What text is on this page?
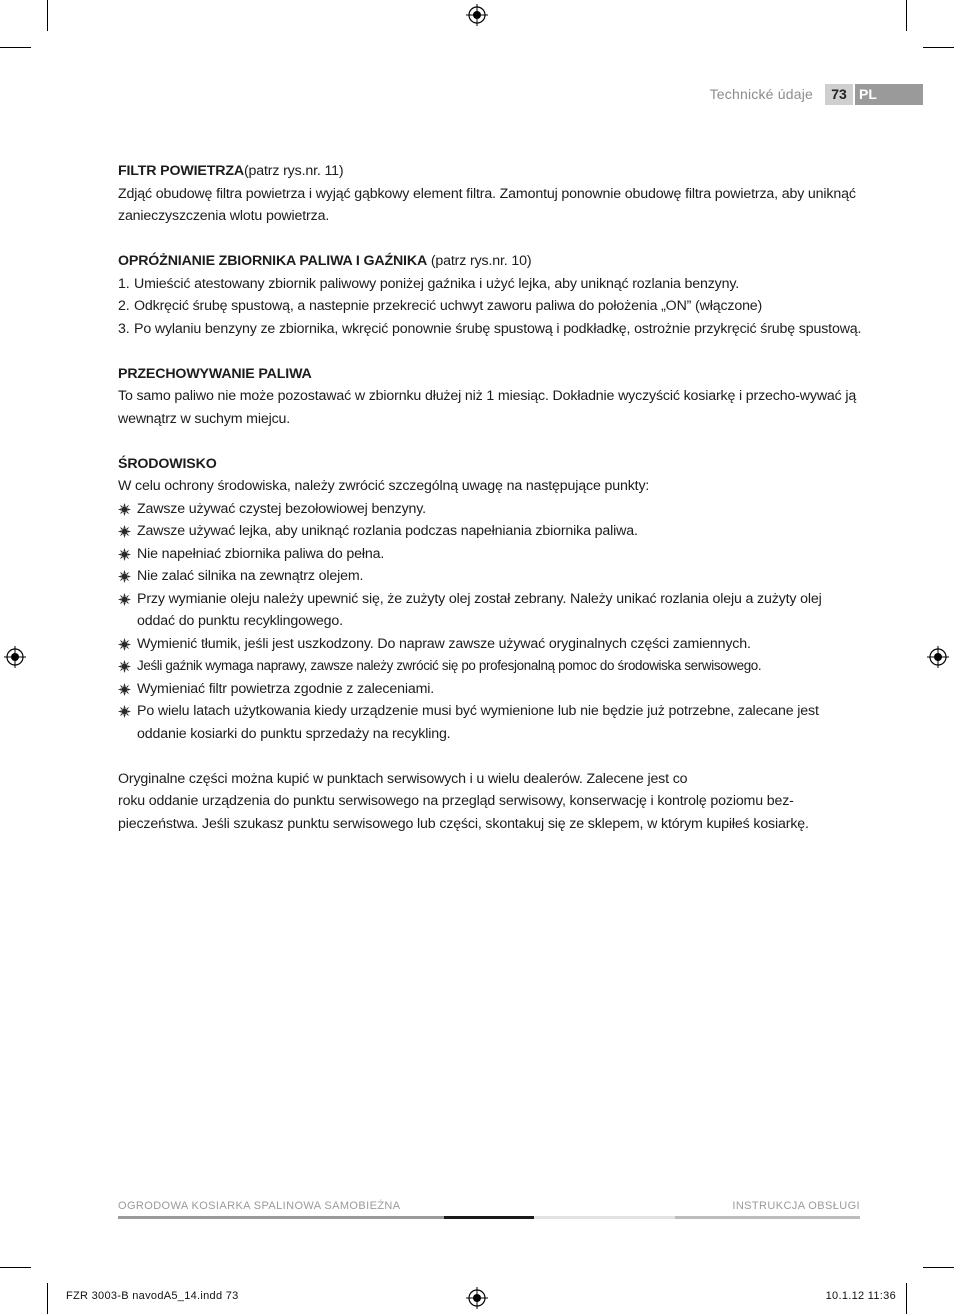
Technické údaje	73 PL

FILTR POWIETRZA(patrz rys.nr. 11)

Zdjąć obudowę filtra powietrza i wyjąć gąbkowy element filtra. Zamontuj ponownie obudowę filtra powietrza, aby uniknąć zanieczyszczenia wlotu powietrza.

OPRÓŻNIANIE ZBIORNIKA PALIWA I GAŹNIKA (patrz rys.nr. 10)

1. Umieścić atestowany zbiornik paliwowy poniżej gaźnika i użyć lejka, aby uniknąć rozlania benzyny.
2. Odkręcić śrubę spustową, a nastepnie przekrecić uchwyt zaworu paliwa do położenia „ON” (włączone)
3. Po wylaniu benzyny ze zbiornika, wkręcić ponownie śrubę spustową i podkładkę, ostrożnie przykręcić śrubę spustową.

PRZECHOWYWANIE PALIWA

To samo paliwo nie może pozostawać w zbiornku dłużej niż 1 miesiąc. Dokładnie wyczyścić kosiarkę i przecho-wywać ją wewnątrz w suchym miejcu.

ŚRODOWISKO

W celu ochrony środowiska, należy zwrócić szczególną uwagę na następujące punkty:

Zawsze używać czystej bezołowiowej benzyny.
Zawsze używać lejka, aby uniknąć rozlania podczas napełniania zbiornika paliwa.
Nie napełniać zbiornika paliwa do pełna.
Nie zalać silnika na zewnątrz olejem.
Przy wymianie oleju należy upewnić się, że zużyty olej został zebrany. Należy unikać rozlania oleju a zużyty olej oddać do punktu recyklingowego.
Wymienić tłumik, jeśli jest uszkodzony. Do napraw zawsze używać oryginalnych części zamiennych.
Jeśli gaźnik wymaga naprawy, zawsze należy zwrócić się po profesjonalną pomoc do środowiska serwisowego.
Wymieniać filtr powietrza zgodnie z zaleceniami.
Po wielu latach użytkowania kiedy urządzenie musi być wymienione lub nie będzie już potrzebne, zalecane jest oddanie kosiarki do punktu sprzedaży na recykling.

Oryginalne części można kupić w punktach serwisowych i u wielu dealerów. Zalecene jest co

roku oddanie urządzenia do punktu serwisowego na przegląd serwisowy, konserwację i kontrolę poziomu bez-pieczeństwa. Jeśli szukasz punktu serwisowego lub części, skontakuj się ze sklepem, w którym kupiłeś kosiarkę.

OGRODOWA KOSIARKA SPALINOWA SAMOBIEŻNA	INSTRUKCJA OBSŁUGI
FZR 3003-B navodA5_14.indd 73	10.1.12 11:36
